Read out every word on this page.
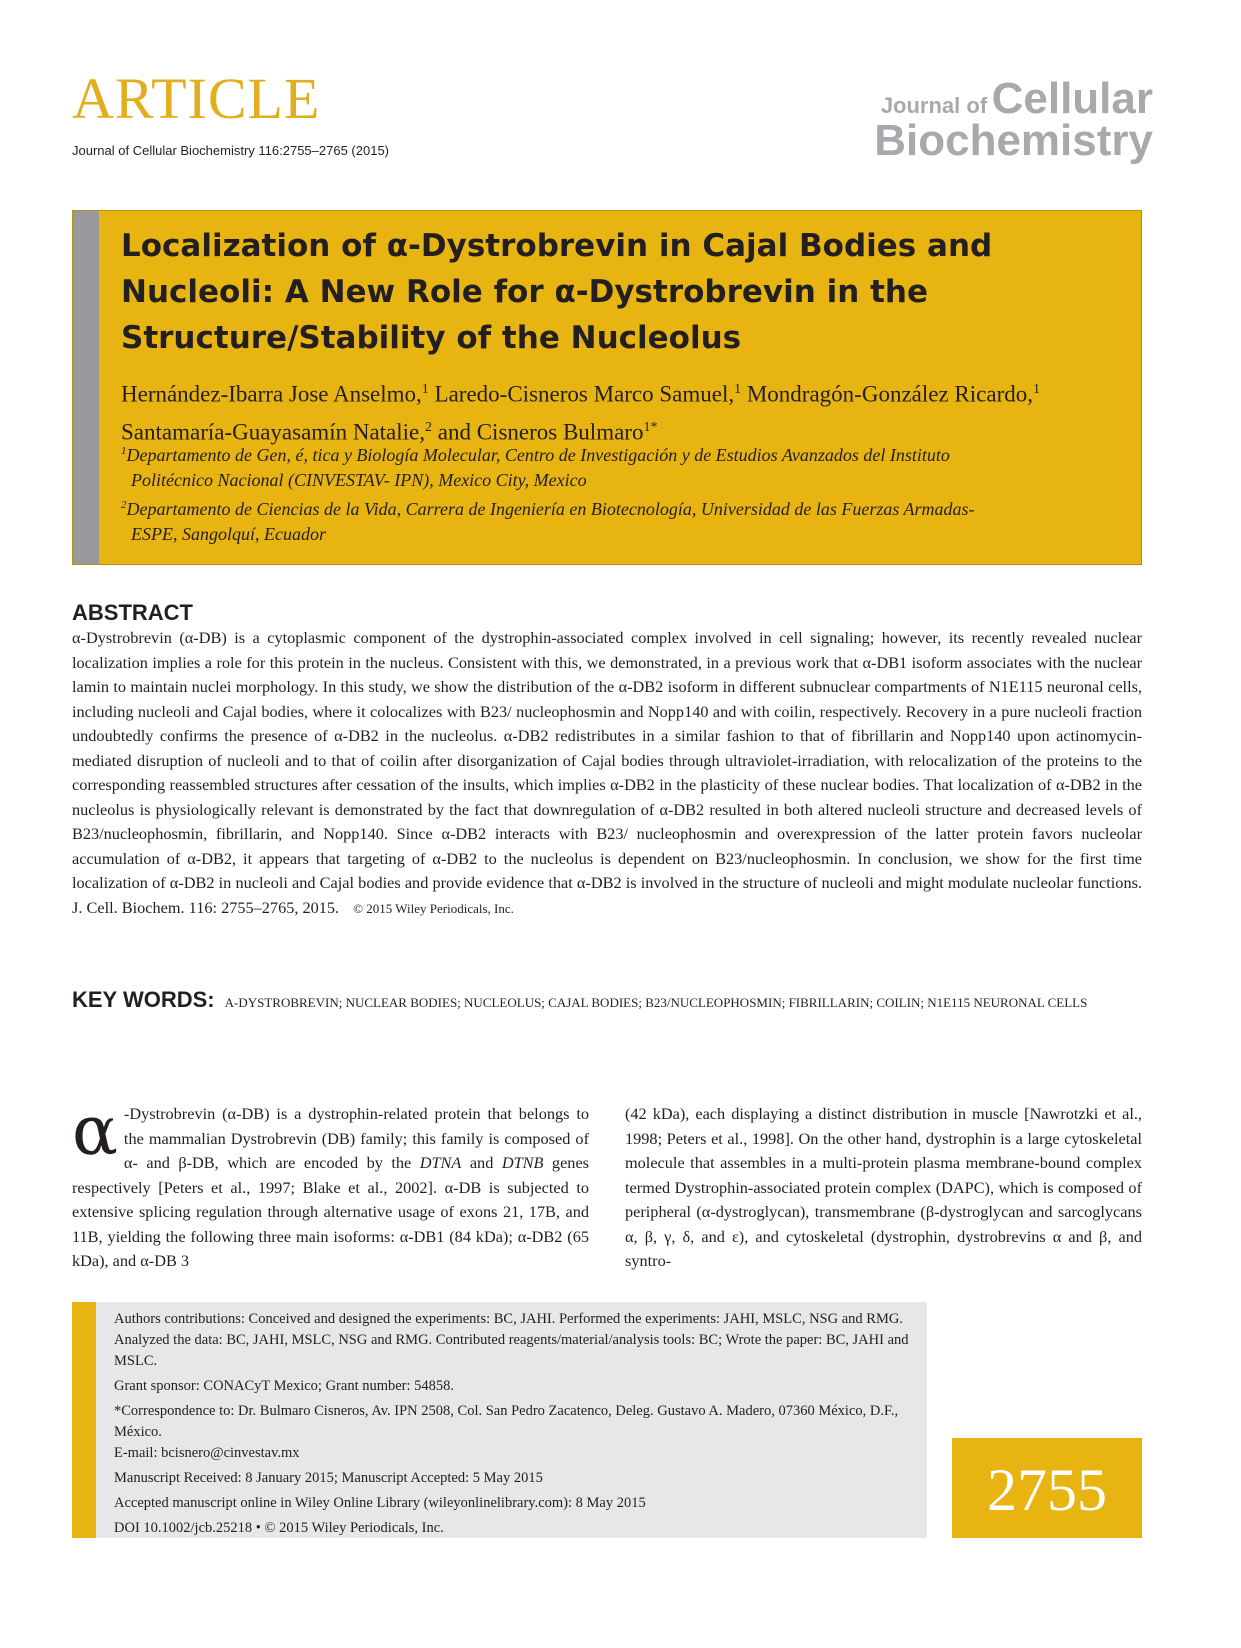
ARTICLE
Journal of Cellular Biochemistry 116:2755–2765 (2015)
Journal of Cellular
Biochemistry
Localization of α-Dystrobrevin in Cajal Bodies and Nucleoli: A New Role for α-Dystrobrevin in the Structure/Stability of the Nucleolus
Hernández-Ibarra Jose Anselmo,$^1$ Laredo-Cisneros Marco Samuel,$^1$ Mondragón-González Ricardo,$^1$ Santamaría-Guayasamín Natalie,$^2$ and Cisneros Bulmaro$^{1*}$
$^1$Departamento de Gen, é, tica y Biología Molecular, Centro de Investigación y de Estudios Avanzados del Instituto
Politécnico Nacional (CINVESTAV- IPN), Mexico City, Mexico
$^2$Departamento de Ciencias de la Vida, Carrera de Ingeniería en Biotecnología, Universidad de las Fuerzas Armadas-
ESPE, Sangolquí, Ecuador
ABSTRACT
α-Dystrobrevin (α-DB) is a cytoplasmic component of the dystrophin-associated complex involved in cell signaling; however, its recently revealed nuclear localization implies a role for this protein in the nucleus. Consistent with this, we demonstrated, in a previous work that α-DB1 isoform associates with the nuclear lamin to maintain nuclei morphology. In this study, we show the distribution of the α-DB2 isoform in different subnuclear compartments of N1E115 neuronal cells, including nucleoli and Cajal bodies, where it colocalizes with B23/ nucleophosmin and Nopp140 and with coilin, respectively. Recovery in a pure nucleoli fraction undoubtedly confirms the presence of α-DB2 in the nucleolus. α-DB2 redistributes in a similar fashion to that of fibrillarin and Nopp140 upon actinomycin-mediated disruption of nucleoli and to that of coilin after disorganization of Cajal bodies through ultraviolet-irradiation, with relocalization of the proteins to the corresponding reassembled structures after cessation of the insults, which implies α-DB2 in the plasticity of these nuclear bodies. That localization of α-DB2 in the nucleolus is physiologically relevant is demonstrated by the fact that downregulation of α-DB2 resulted in both altered nucleoli structure and decreased levels of B23/nucleophosmin, fibrillarin, and Nopp140. Since α-DB2 interacts with B23/ nucleophosmin and overexpression of the latter protein favors nucleolar accumulation of α-DB2, it appears that targeting of α-DB2 to the nucleolus is dependent on B23/nucleophosmin. In conclusion, we show for the first time localization of α-DB2 in nucleoli and Cajal bodies and provide evidence that α-DB2 is involved in the structure of nucleoli and might modulate nucleolar functions. J. Cell. Biochem. 116: 2755–2765, 2015. © 2015 Wiley Periodicals, Inc.
KEY WORDS: Α-DYSTROBREVIN; NUCLEAR BODIES; NUCLEOLUS; CAJAL BODIES; B23/NUCLEOPHOSMIN; FIBRILLARIN; COILIN; N1E115 NEURONAL CELLS
α -Dystrobrevin (α-DB) is a dystrophin-related protein that belongs to the mammalian Dystrobrevin (DB) family; this family is composed of α- and β-DB, which are encoded by the DTNA and DTNB genes respectively [Peters et al., 1997; Blake et al., 2002]. α-DB is subjected to extensive splicing regulation through alternative usage of exons 21, 17B, and 11B, yielding the following three main isoforms: α-DB1 (84 kDa); α-DB2 (65 kDa), and α-DB 3
(42 kDa), each displaying a distinct distribution in muscle [Nawrotzki et al., 1998; Peters et al., 1998]. On the other hand, dystrophin is a large cytoskeletal molecule that assembles in a multi-protein plasma membrane-bound complex termed Dystrophin-associated protein complex (DAPC), which is composed of peripheral (α-dystroglycan), transmembrane (β-dystroglycan and sarcoglycans α, β, γ, δ, and ε), and cytoskeletal (dystrophin, dystrobrevins α and β, and syntro-

Authors contributions: Conceived and designed the experiments: BC, JAHI. Performed the experiments: JAHI, MSLC, NSG and RMG. Analyzed the data: BC, JAHI, MSLC, NSG and RMG. Contributed reagents/material/analysis tools: BC; Wrote the paper: BC, JAHI and MSLC.

Grant sponsor: CONACyT Mexico; Grant number: 54858.

*Correspondence to: Dr. Bulmaro Cisneros, Av. IPN 2508, Col. San Pedro Zacatenco, Deleg. Gustavo A. Madero, 07360 México, D.F., México.

E-mail: bcisnero@cinvestav.mx

Manuscript Received: 8 January 2015; Manuscript Accepted: 5 May 2015

Accepted manuscript online in Wiley Online Library (wileyonlinelibrary.com): 8 May 2015

DOI 10.1002/jcb.25218 • © 2015 Wiley Periodicals, Inc.

2755
